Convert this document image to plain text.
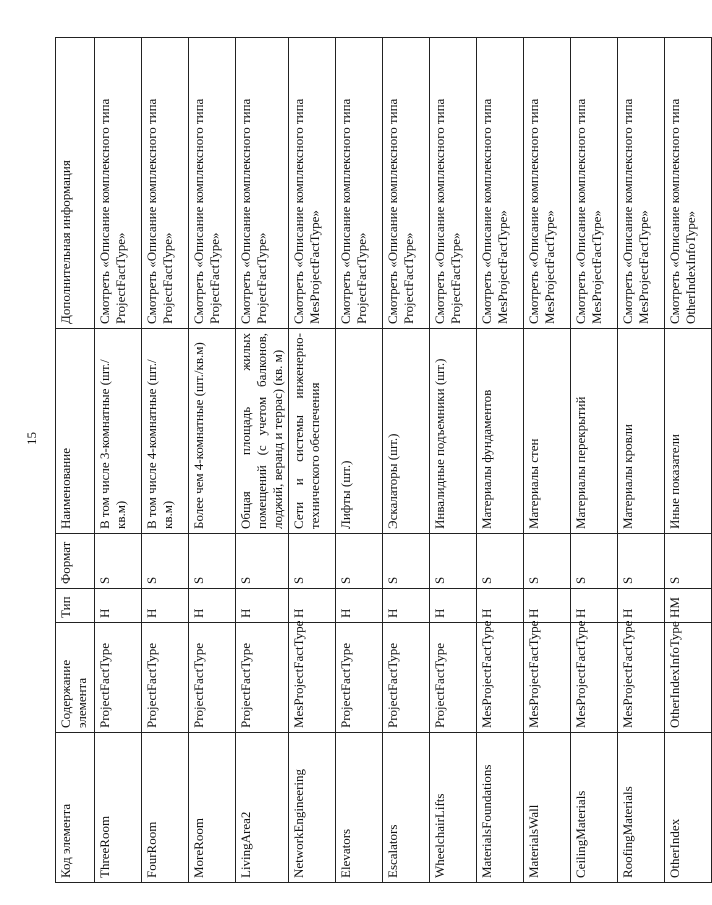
15
Код элемента	Содержание элемента	Тип	Формат	Наименование	Дополнительная информация
ThreeRoom	ProjectFactType	Н	S	В том числе 3-комнатные (шт./кв.м)	Смотреть «Описание комплексного типа ProjectFactType»
FourRoom	ProjectFactType	Н	S	В том числе 4-комнатные (шт./кв.м)	Смотреть «Описание комплексного типа ProjectFactType»
MoreRoom	ProjectFactType	Н	S	Более чем 4-комнатные (шт./кв.м)	Смотреть «Описание комплексного типа ProjectFactType»
LivingArea2	ProjectFactType	Н	S	Общая площадь жилых помещений (с учетом балконов, лоджий, веранд и террас) (кв. м)	Смотреть «Описание комплексного типа ProjectFactType»
NetworkEngineering	MesProjectFactType	Н	S	Сети и системы инженерно-технического обеспечения	Смотреть «Описание комплексного типа MesProjectFactType»
Elevators	ProjectFactType	Н	S	Лифты (шт.)	Смотреть «Описание комплексного типа ProjectFactType»
Escalators	ProjectFactType	Н	S	Эскалаторы (шт.)	Смотреть «Описание комплексного типа ProjectFactType»
WheelchairLifts	ProjectFactType	Н	S	Инвалидные подъемники (шт.)	Смотреть «Описание комплексного типа ProjectFactType»
MaterialsFoundations	MesProjectFactType	Н	S	Материалы фундаментов	Смотреть «Описание комплексного типа MesProjectFactType»
MaterialsWall	MesProjectFactType	Н	S	Материалы стен	Смотреть «Описание комплексного типа MesProjectFactType»
CeilingMaterials	MesProjectFactType	Н	S	Материалы перекрытий	Смотреть «Описание комплексного типа MesProjectFactType»
RoofingMaterials	MesProjectFactType	Н	S	Материалы кровли	Смотреть «Описание комплексного типа MesProjectFactType»
OtherIndex	OtherIndexInfoType	НМ	S	Иные показатели	Смотреть «Описание комплексного типа OtherIndexInfoType»
